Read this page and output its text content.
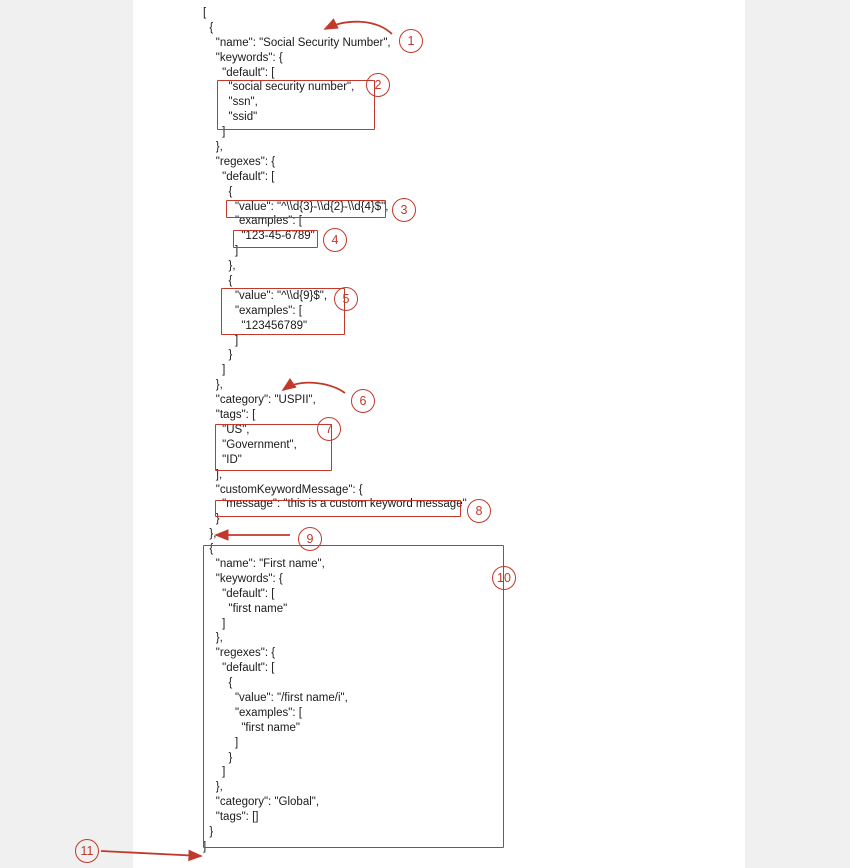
[
{
"name": "Social Security Number",
"keywords": {
"default": [
"social security number",
"ssn",
"ssid"
]
},
"regexes": {
"default": [
{
"value": "^\\d{3}-\\d{2}-\\d{4}$",
"examples": [
"123-45-6789"
]
},
{
"value": "^\\d{9}$",
"examples": [
"123456789"
]
}
]
},
"category": "USPII",
"tags": [
"US",
"Government",
"ID"
],
"customKeywordMessage": {
"message": "this is a custom keyword message"
}
},
{
"name": "First name",
"keywords": {
"default": [
"first name"
]
},
"regexes": {
"default": [
{
"value": "/first name/i",
"examples": [
"first name"
]
}
]
},
"category": "Global",
"tags": []
}
]
1
2
3
4
5
6
7
8
9
10
11
